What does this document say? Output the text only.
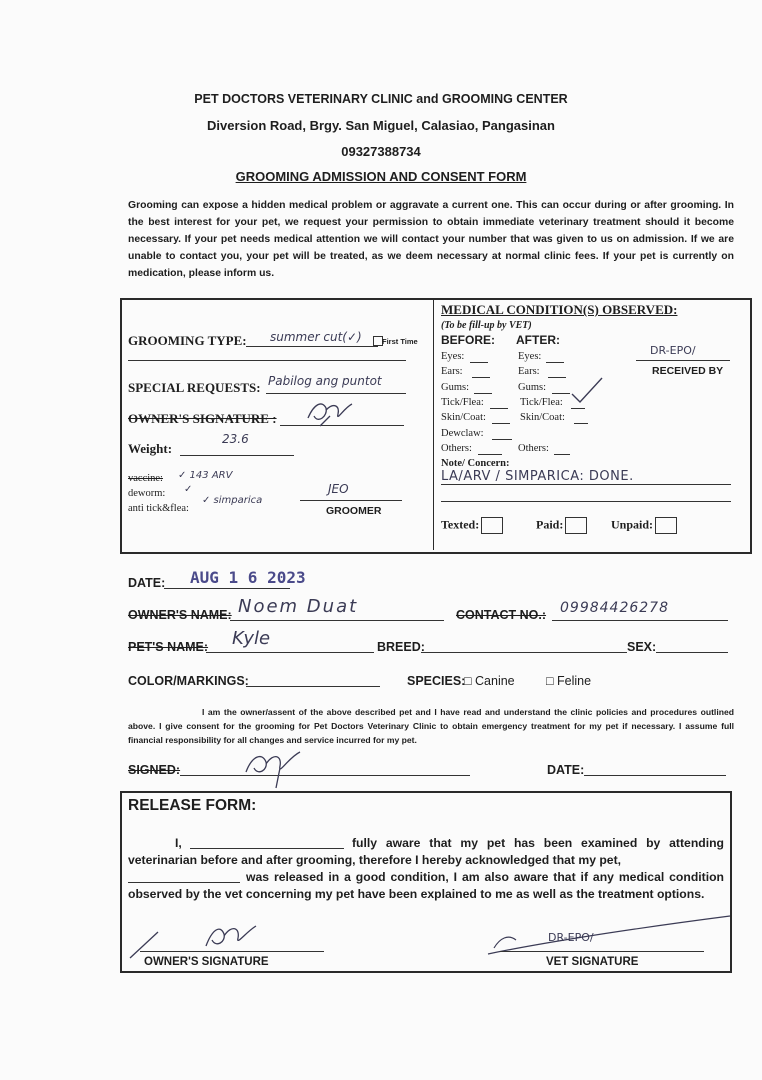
PET DOCTORS VETERINARY CLINIC and GROOMING CENTER
Diversion Road, Brgy. San Miguel, Calasiao, Pangasinan
09327388734
GROOMING ADMISSION AND CONSENT FORM
Grooming can expose a hidden medical problem or aggravate a current one. This can occur during or after grooming. In the best interest for your pet, we request your permission to obtain immediate veterinary treatment should it become necessary. If your pet needs medical attention we will contact your number that was given to us on admission. If we are unable to contact you, your pet will be treated, as we deem necessary at normal clinic fees. If your pet is currently on medication, please inform us.
GROOMING TYPE: summer cut(✓)	First Time
SPECIAL REQUESTS: Pabilog ang puntot
OWNER'S SIGNATURE :
Weight:
23.6
vaccine: ✓ 143 ARV
deworm: ✓
anti tick&flea:
✓ simparica
JEO
GROOMER
MEDICAL CONDITION(S) OBSERVED:
(To be fill-up by VET)
BEFORE: AFTER:
Eyes:	Eyes:
Ears:	Ears:
Gums:	Gums:
Tick/Flea:	Tick/Flea:
Skin/Coat:	Skin/Coat:
Dewclaw:
Others:	Others:
DR-EPO/
RECEIVED BY
Note/ Concern:
LA/ARV / SIMPARICA: DONE.
Texted:	Paid:	Unpaid:
DATE: AUG 1 6 2023
OWNER'S NAME: Noem Duat	CONTACT NO.: 09984426278
PET'S NAME: Kyle	BREED:	SEX:
COLOR/MARKINGS:	SPECIES:
□ Canine	□ Feline
I am the owner/assent of the above described pet and I have read and understand the clinic policies and procedures outlined above. I give consent for the grooming for Pet Doctors Veterinary Clinic to obtain emergency treatment for my pet if necessary. I assume full financial responsibility for all changes and service incurred for my pet.
SIGNED:	DATE:
RELEASE FORM:
I,	fully aware that my pet has been examined by attending veterinarian before and after grooming, therefore I hereby acknowledged that my pet,
was released in a good condition, I am also aware that if any medical condition observed by the vet concerning my pet have been explained to me as well as the treatment options.
OWNER'S SIGNATURE
DR-EPO/
VET SIGNATURE
